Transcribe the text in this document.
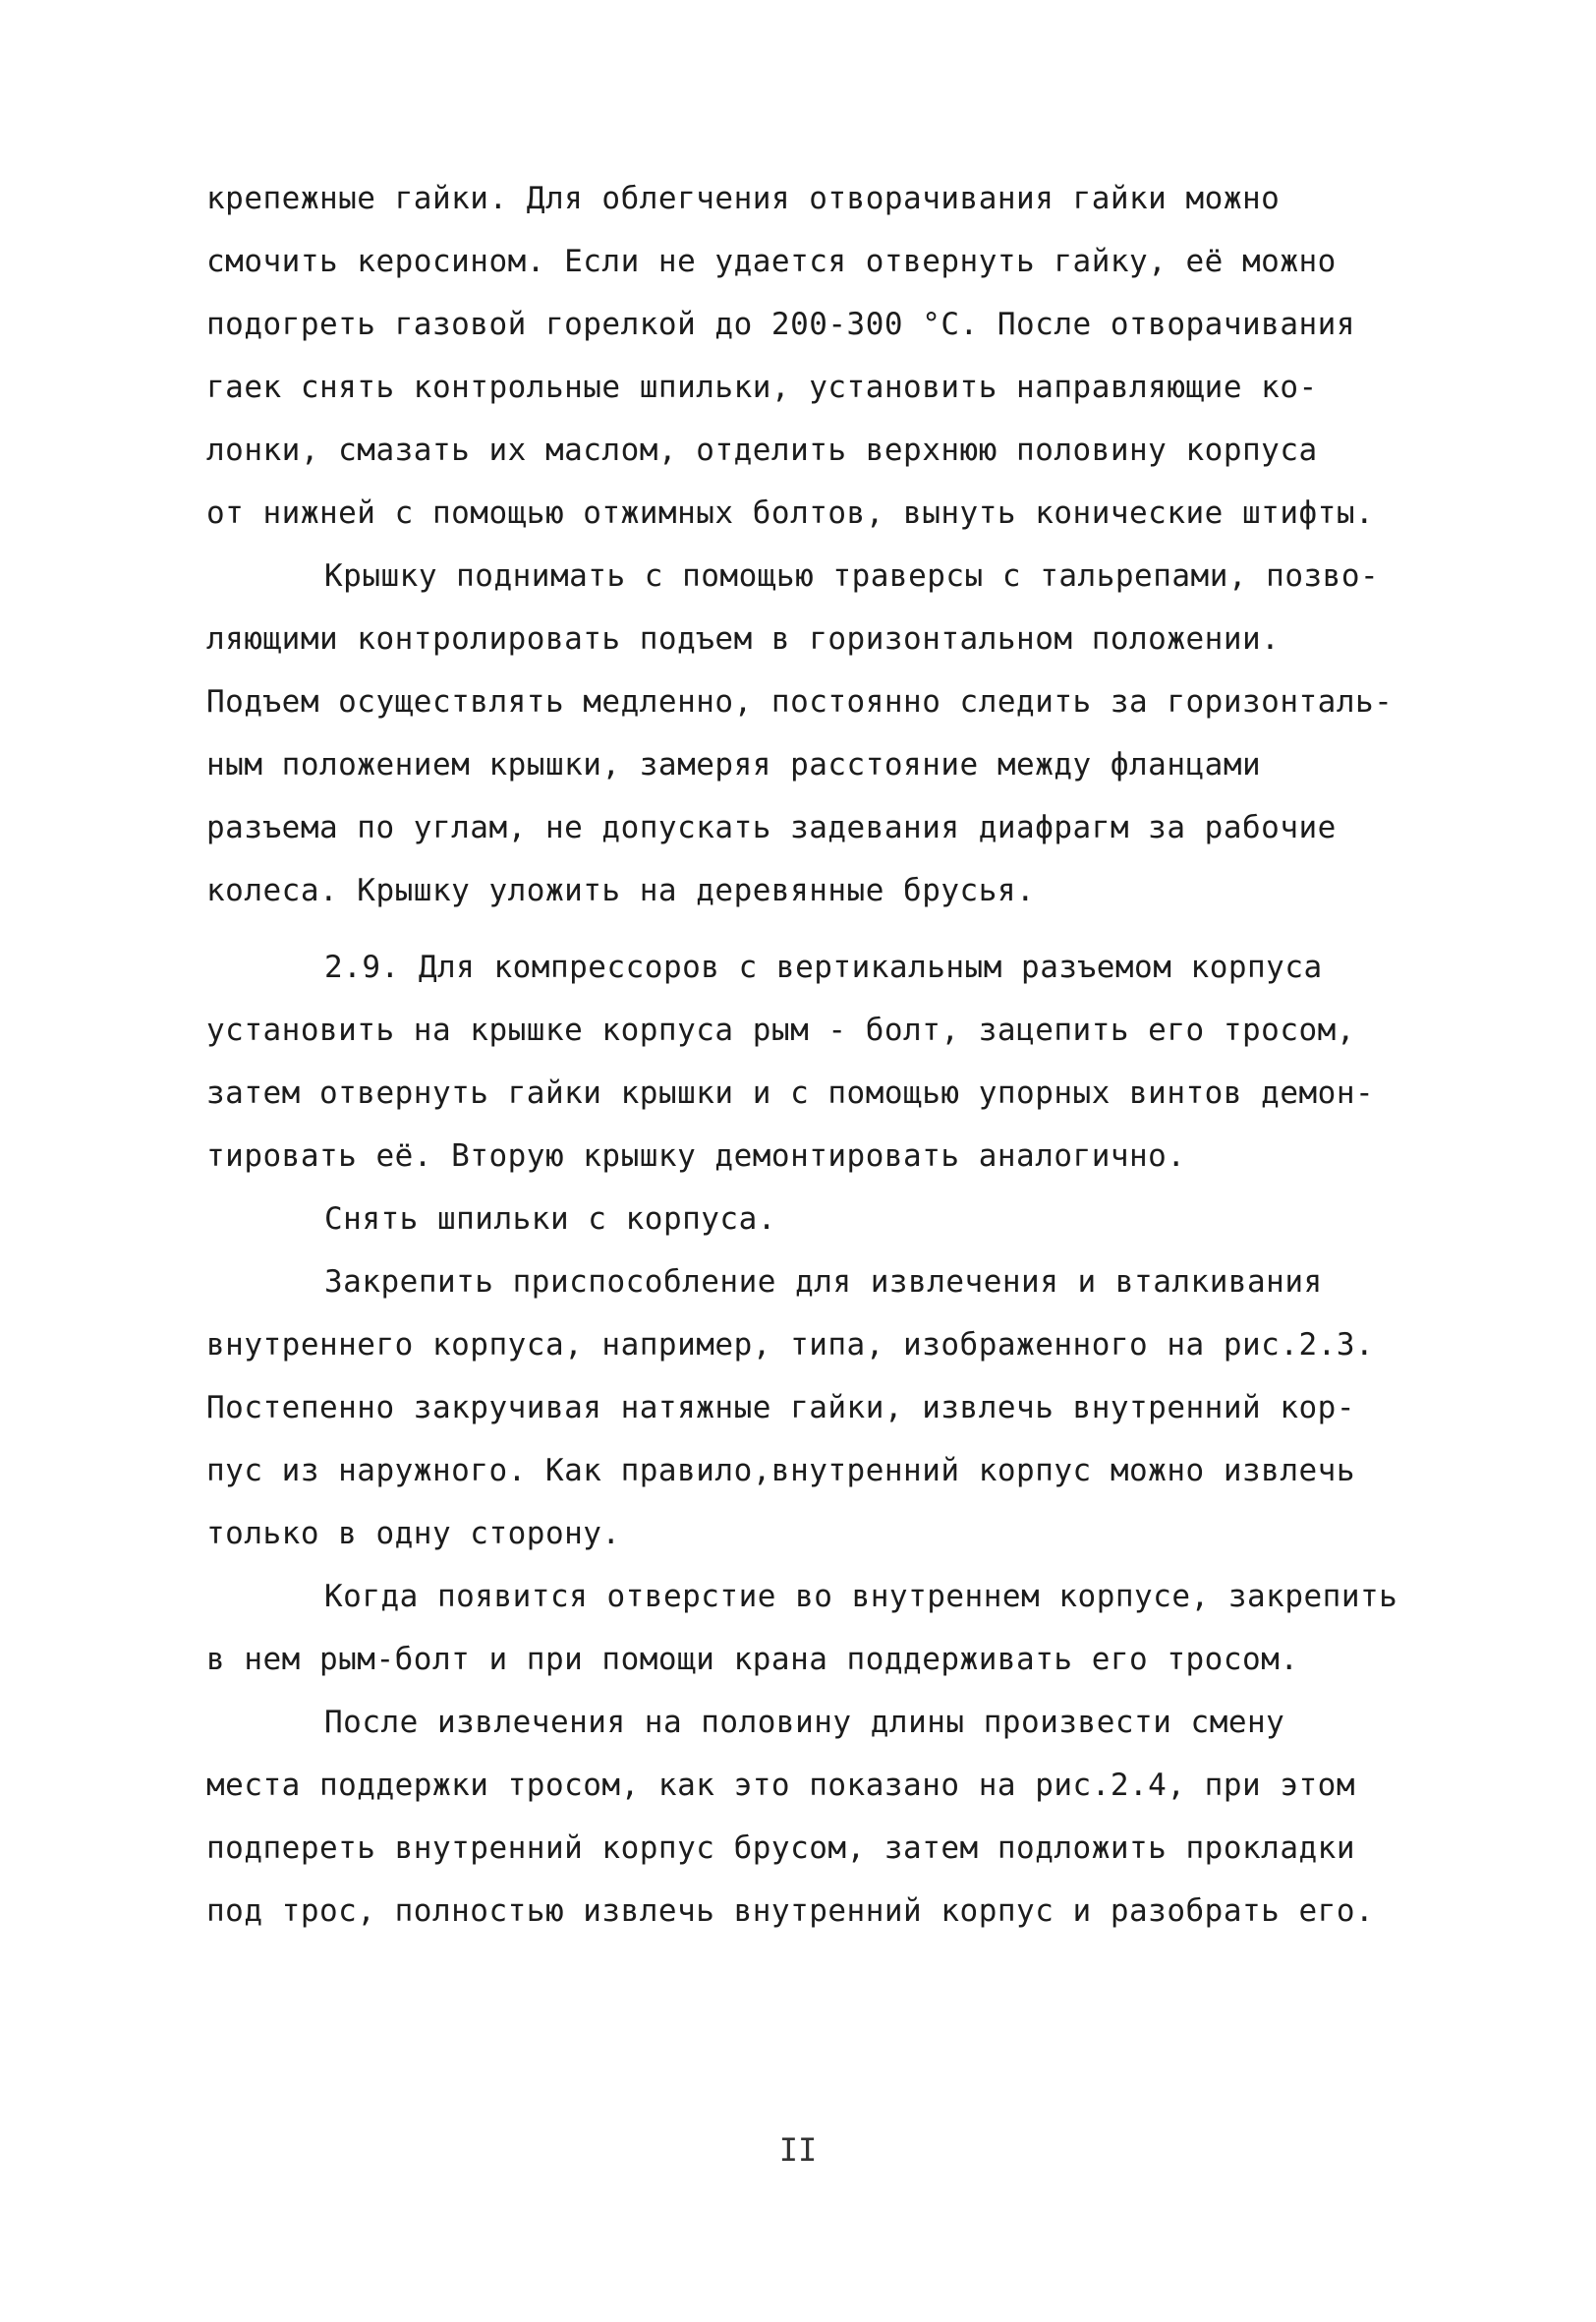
крепежные гайки. Для облегчения отворачивания гайки можно
смочить керосином. Если не удается отвернуть гайку, её можно
подогреть газовой горелкой до 200-300 °С. После отворачивания
гаек снять контрольные шпильки, установить направляющие ко-
лонки, смазать их маслом, отделить верхнюю половину корпуса
от нижней с помощью отжимных болтов, вынуть конические штифты.
Крышку поднимать с помощью траверсы с тальрепами, позво-
ляющими контролировать подъем в горизонтальном положении.
Подъем осуществлять медленно, постоянно следить за горизонталь-
ным положением крышки, замеряя расстояние между фланцами
разъема по углам, не допускать задевания диафрагм за рабочие
колеса. Крышку уложить на деревянные брусья.
2.9. Для компрессоров с вертикальным разъемом корпуса
установить на крышке корпуса рым - болт, зацепить его тросом,
затем отвернуть гайки крышки и с помощью упорных винтов демон-
тировать её. Вторую крышку демонтировать аналогично.
Снять шпильки с корпуса.
Закрепить приспособление для извлечения и вталкивания
внутреннего корпуса, например, типа, изображенного на рис.2.3.
Постепенно закручивая натяжные гайки, извлечь внутренний кор-
пус из наружного. Как правило,внутренний корпус можно извлечь
только в одну сторону.
Когда появится отверстие во внутреннем корпусе, закрепить
в нем рым-болт и при помощи крана поддерживать его тросом.
После извлечения на половину длины произвести смену
места поддержки тросом, как это показано на рис.2.4, при этом
подпереть внутренний корпус брусом, затем подложить прокладки
под трос, полностью извлечь внутренний корпус и разобрать его.
II
